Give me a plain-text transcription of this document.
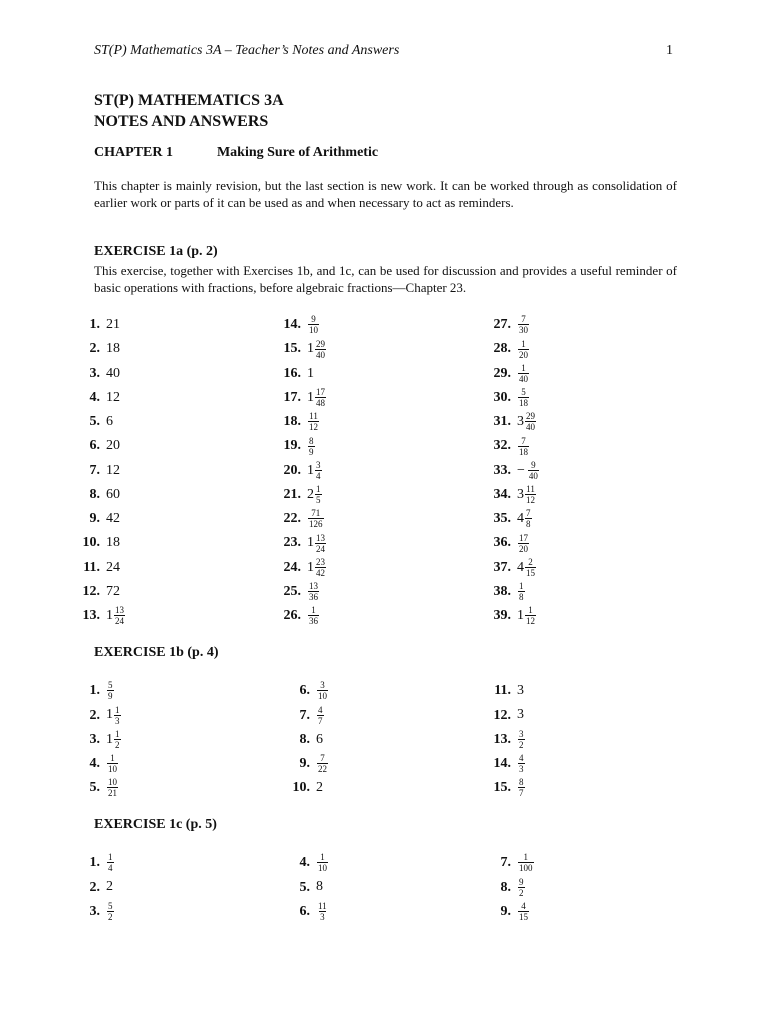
ST(P) Mathematics 3A – Teacher’s Notes and Answers	1
ST(P) MATHEMATICS 3A
NOTES AND ANSWERS
CHAPTER 1	Making Sure of Arithmetic
This chapter is mainly revision, but the last section is new work. It can be worked through as consolidation of earlier work or parts of it can be used as and when necessary to act as reminders.
EXERCISE 1a (p. 2)
This exercise, together with Exercises 1b, and 1c, can be used for discussion and provides a useful reminder of basic operations with fractions, before algebraic fractions—Chapter 23.
EXERCISE 1b (p. 4)
EXERCISE 1c (p. 5)
1. 21
2. 18
3. 40
4. 12
5. 6
6. 20
7. 12
8. 60
9. 42
10. 18
11. 24
12. 72
13. $1 \frac{13}{24}$
14. $\frac{9}{10}$
15. $1 \frac{29}{40}$
16. 1
17. $1 \frac{17}{48}$
18. $\frac{11}{12}$
19. $\frac{8}{9}$
20. $1 \frac{3}{4}$
21. $2 \frac{1}{5}$
22. $\frac{71}{126}$
23. $1 \frac{13}{24}$
24. $1 \frac{23}{42}$
25. $\frac{13}{36}$
26. $\frac{1}{36}$
27. $\frac{7}{30}$
28. $\frac{1}{20}$
29. $\frac{1}{40}$
30. $\frac{5}{18}$
31. $3 \frac{29}{40}$
32. $\frac{7}{18}$
33. − $\frac{9}{40}$
34. $3 \frac{11}{12}$
35. $4 \frac{7}{8}$
36. $\frac{17}{20}$
37. $4 \frac{2}{15}$
38. $\frac{1}{8}$
39. $1 \frac{1}{12}$
1. $\frac{5}{9}$
2. $1 \frac{1}{3}$
3. $1 \frac{1}{2}$
4. $\frac{1}{10}$
5. $\frac{10}{21}$
6. $\frac{3}{10}$
7. $\frac{4}{7}$
8. 6
9. $\frac{7}{22}$
10. 2
11. 3
12. 3
13. $\frac{3}{2}$
14. $\frac{4}{3}$
15. $\frac{8}{7}$
1. $\frac{1}{4}$
2. 2
3. $\frac{5}{2}$
4. $\frac{1}{10}$
5. 8
6. $\frac{11}{3}$
7. $\frac{1}{100}$
8. $\frac{9}{2}$
9. $\frac{4}{15}$
